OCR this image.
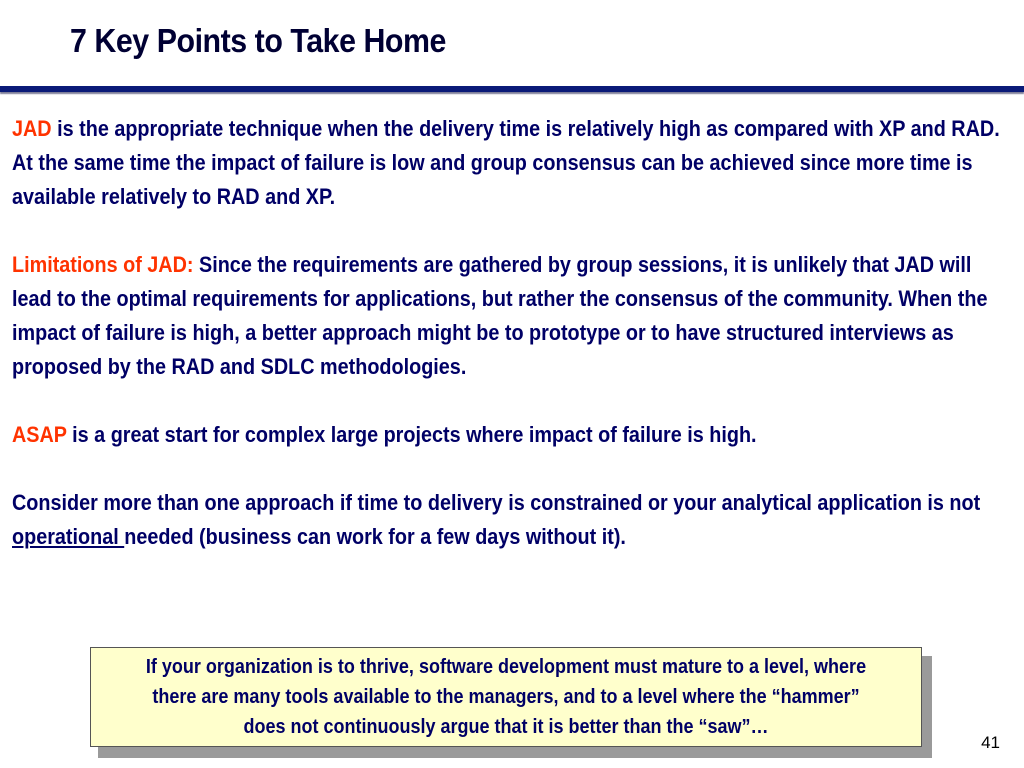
7 Key Points to Take Home

JAD is the appropriate technique when the delivery time is relatively high as compared with XP and RAD. At the same time the impact of failure is low and group consensus can be achieved since more time is available relatively to RAD and XP.

Limitations of JAD: Since the requirements are gathered by group sessions, it is unlikely that JAD will lead to the optimal requirements for applications, but rather the consensus of the community. When the impact of failure is high, a better approach might be to prototype or to have structured interviews as proposed by the RAD and SDLC methodologies.

ASAP is a great start for complex large projects where impact of failure is high.

Consider more than one approach if time to delivery is constrained or your analytical application is not operational needed (business can work for a few days without it).

If your organization is to thrive, software development must mature to a level, where there are many tools available to the managers, and to a level where the “hammer” does not continuously argue that it is better than the “saw”…
41
